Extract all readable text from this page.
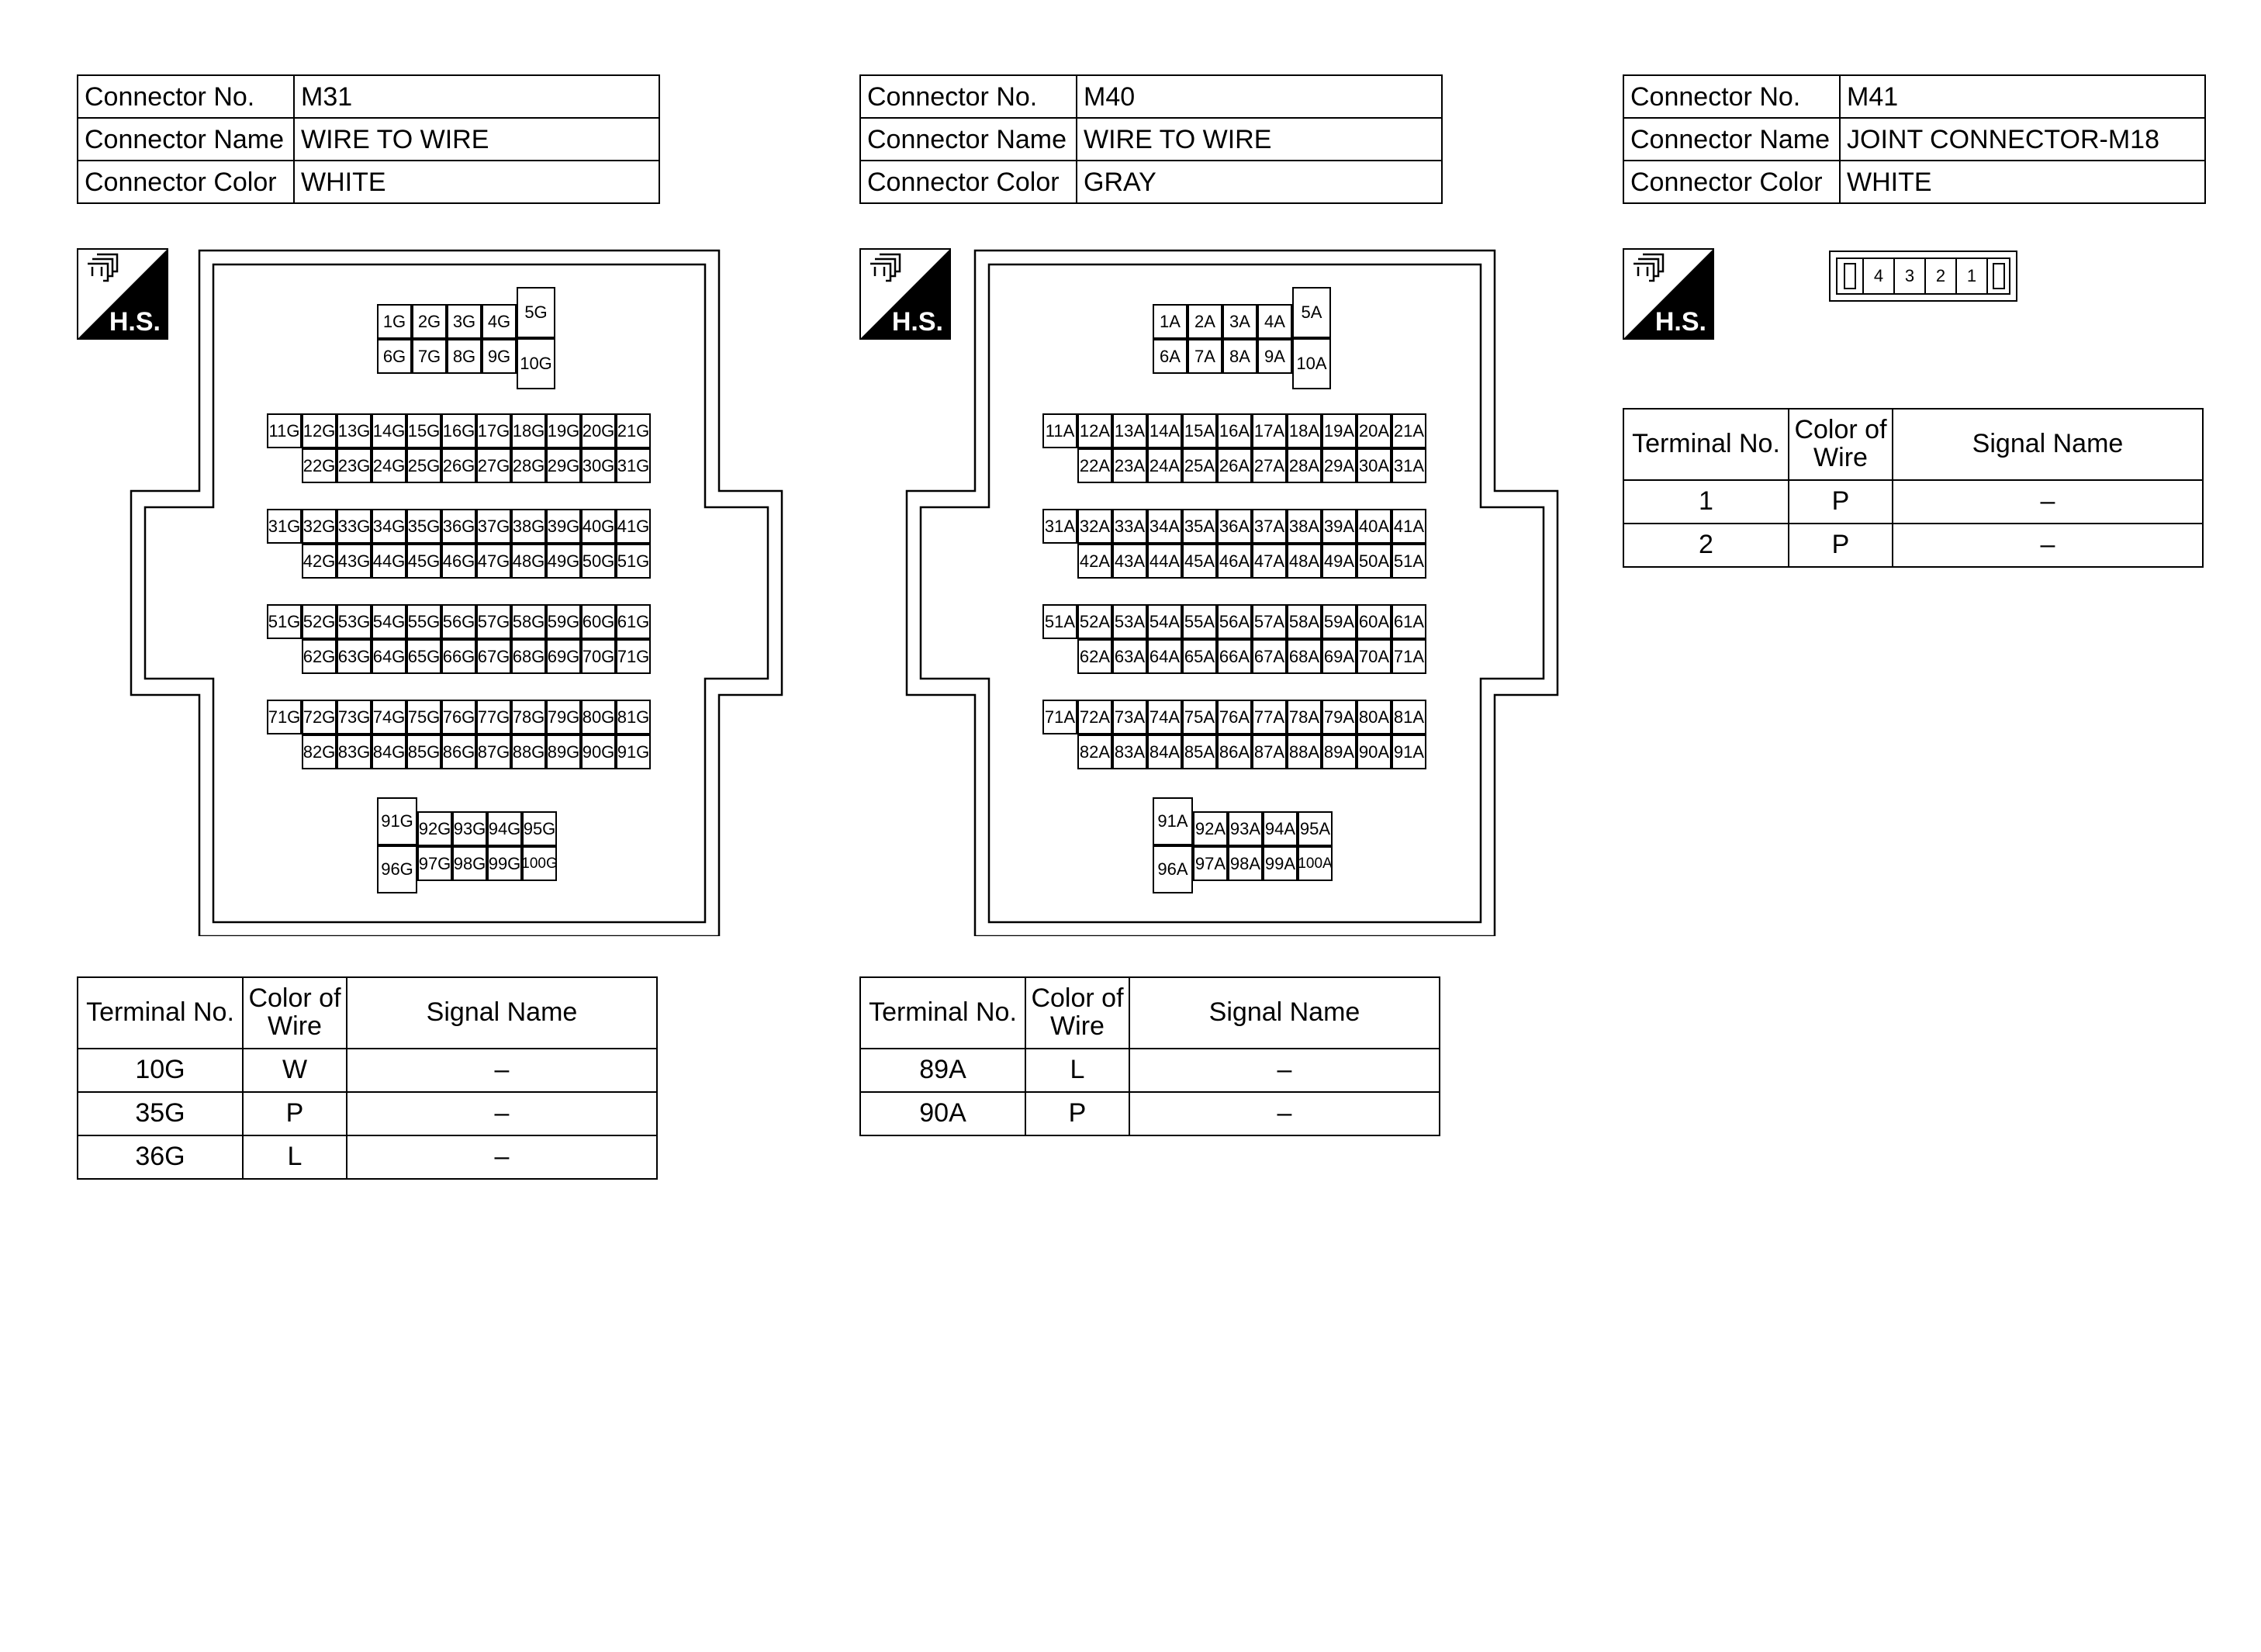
Connector No.	M31
Connector Name	WIRE TO WIRE
Connector Color	WHITE
Connector No.	M40
Connector Name	WIRE TO WIRE
Connector Color	GRAY
Connector No.	M41
Connector Name	JOINT CONNECTOR-M18
Connector Color	WHITE
H.S.	H.S.	H.S.
1G
6G
2G
7G
3G
8G
4G
9G
5G
10G
11G 12G 13G 14G 15G 16G 17G 18G 19G 20G 21G
22G 23G 24G 25G 26G 27G 28G 29G 30G 31G
31G 32G 33G 34G 35G 36G 37G 38G 39G 40G 41G
42G 43G 44G 45G 46G 47G 48G 49G 50G 51G
51G 52G 53G 54G 55G 56G 57G 58G 59G 60G 61G
62G 63G 64G 65G 66G 67G 68G 69G 70G 71G
71G 72G 73G 74G 75G 76G 77G 78G 79G 80G 81G
82G 83G 84G 85G 86G 87G 88G 89G 90G 91G
91G
96G
92G
97G
93G
98G
94G
99G
95G
100G
1A
6A
2A
7A
3A
8A
4A
9A
5A
10A
11A 12A 13A 14A 15A 16A 17A 18A 19A 20A 21A
22A 23A 24A 25A 26A 27A 28A 29A 30A 31A
31A 32A 33A 34A 35A 36A 37A 38A 39A 40A 41A
42A 43A 44A 45A 46A 47A 48A 49A 50A 51A
51A 52A 53A 54A 55A 56A 57A 58A 59A 60A 61A
62A 63A 64A 65A 66A 67A 68A 69A 70A 71A
71A 72A 73A 74A 75A 76A 77A 78A 79A 80A 81A
82A 83A 84A 85A 86A 87A 88A 89A 90A 91A
91A
96A
92A
97A
93A
98A
94A
99A
95A
100A
4	3	2	1
Terminal No.	Color of Wire	Signal Name
10G	W	–
35G	P	–
36G	L	–
Terminal No.	Color of Wire	Signal Name
89A	L	–
90A	P	–
Terminal No.	Color of Wire	Signal Name
1	P	–
2	P	–
